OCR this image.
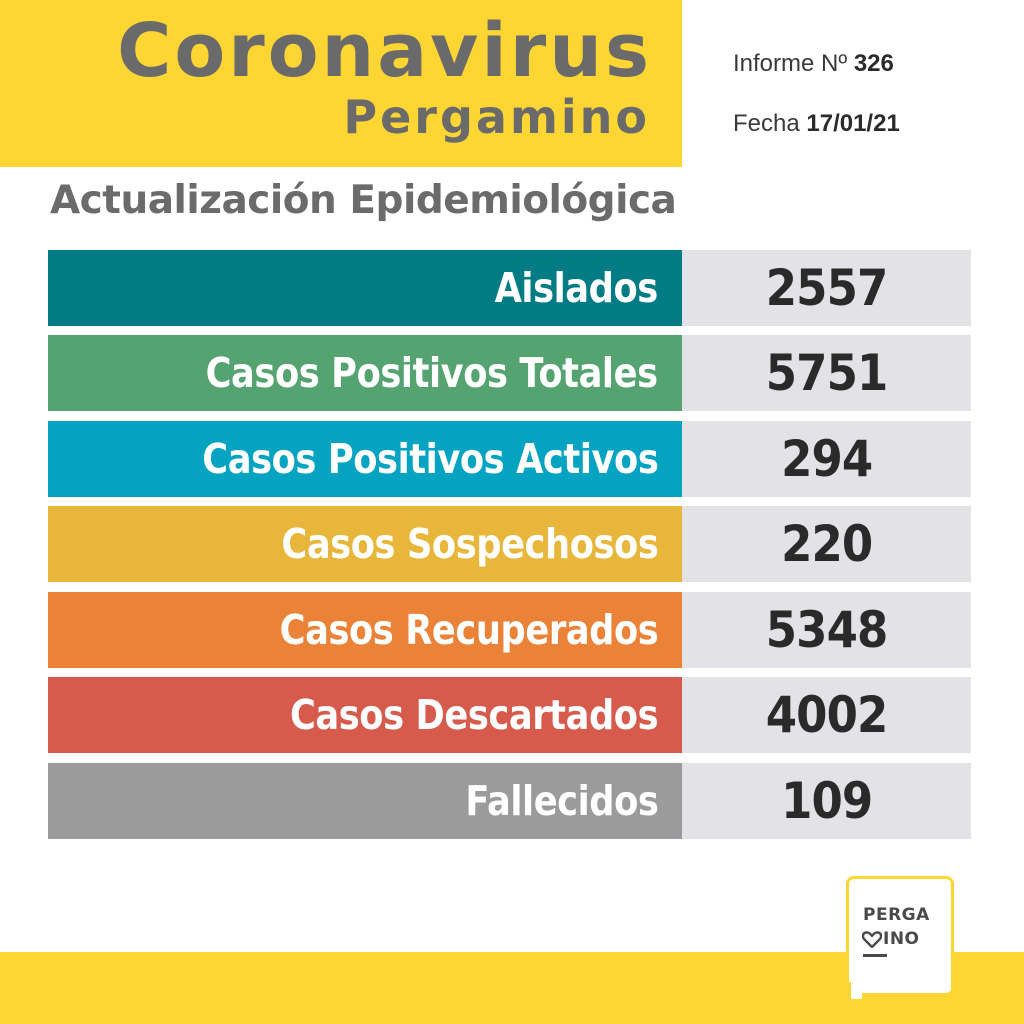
Coronavirus
Pergamino
Informe Nº 326
Fecha 17/01/21
Actualización Epidemiológica
Aislados 2557
Casos Positivos Totales 5751
Casos Positivos Activos 294
Casos Sospechosos 220
Casos Recuperados 5348
Casos Descartados 4002
Fallecidos 109
PERGA
INO
